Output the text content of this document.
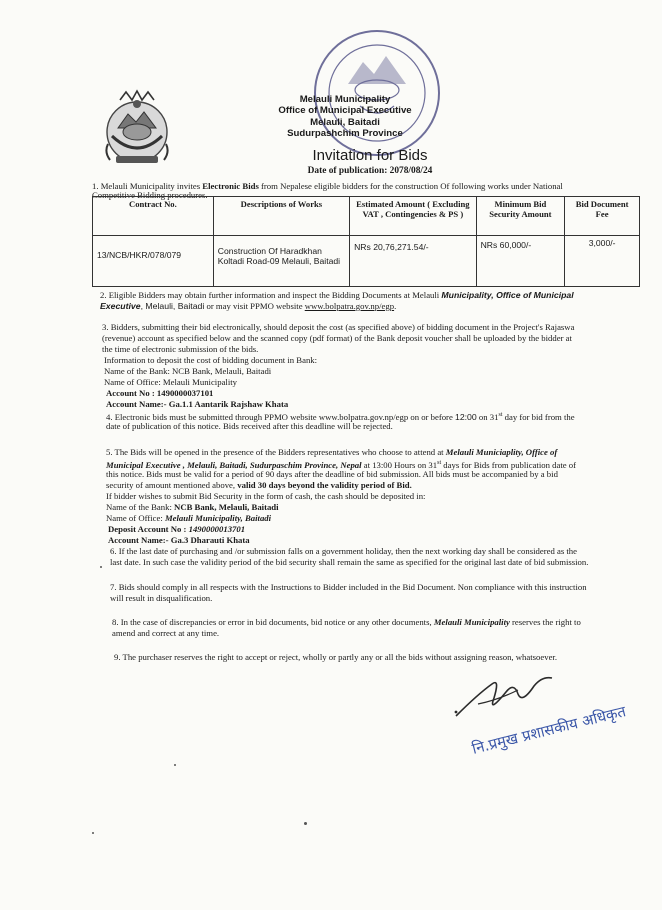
Melauli Municipality
Office of Municipal Executive
Melauli, Baitadi
Sudurpashchim Province
Invitation for Bids
Date of publication: 2078/08/24
1. Melauli Municipality invites Electronic Bids from Nepalese eligible bidders for the construction Of following works under National
Competitive Bidding procedures.
Contract No.	Descriptions of Works	Estimated Amount ( Excluding VAT , Contingencies & PS )	Minimum Bid Security Amount	Bid Document Fee
13/NCB/HKR/078/079	Construction Of Haradkhan Koltadi Road-09 Melauli, Baitadi	NRs 20,76,271.54/-	NRs 60,000/-	3,000/-
2. Eligible Bidders may obtain further information and inspect the Bidding Documents at Melauli Municipality, Office of Municipal
Executive, Melauli, Baitadi or may visit PPMO website www.bolpatra.gov.np/egp.
3. Bidders, submitting their bid electronically, should deposit the cost (as specified above) of bidding document in the Project's Rajaswa
(revenue) account as specified below and the scanned copy (pdf format) of the Bank deposit voucher shall be uploaded by the bidder at
the time of electronic submission of the bids.
Information to deposit the cost of bidding document in Bank:
Name of the Bank: NCB Bank, Melauli, Baitadi
Name of Office: Melauli Municipality
Account No : 1490000037101
Account Name:- Ga.1.1 Aantarik Rajshaw Khata
4. Electronic bids must be submitted through PPMO website www.bolpatra.gov.np/egp on or before 12:00 on 31st day for bid from the
date of publication of this notice. Bids received after this deadline will be rejected.
5. The Bids will be opened in the presence of the Bidders representatives who choose to attend at Melauli Municiaplity, Office of
Municipal Executive , Melauli, Baitadi, Sudurpaschim Province, Nepal at 13:00 Hours on 31st days for Bids from publication date of
this notice. Bids must be valid for a period of 90 days after the deadline of bid submission. All bids must be accompanied by a bid
security of amount mentioned above, valid 30 days beyond the validity period of Bid.
If bidder wishes to submit Bid Security in the form of cash, the cash should be deposited in:
Name of the Bank: NCB Bank, Melauli, Baitadi
Name of Office: Melauli Municipality, Baitadi
Deposit Account No : 1490000013701
Account Name:- Ga.3 Dharauti Khata
6. If the last date of purchasing and /or submission falls on a government holiday, then the next working day shall be considered as the
last date. In such case the validity period of the bid security shall remain the same as specified for the original last date of bid submission.
7. Bids should comply in all respects with the Instructions to Bidder included in the Bid Document. Non compliance with this instruction
will result in disqualification.
8. In the case of discrepancies or error in bid documents, bid notice or any other documents, Melauli Municipality reserves the right to
amend and correct at any time.
9. The purchaser reserves the right to accept or reject, wholly or partly any or all the bids without assigning reason, whatsoever.
नि.प्रमुख प्रशासकीय अधिकृत
